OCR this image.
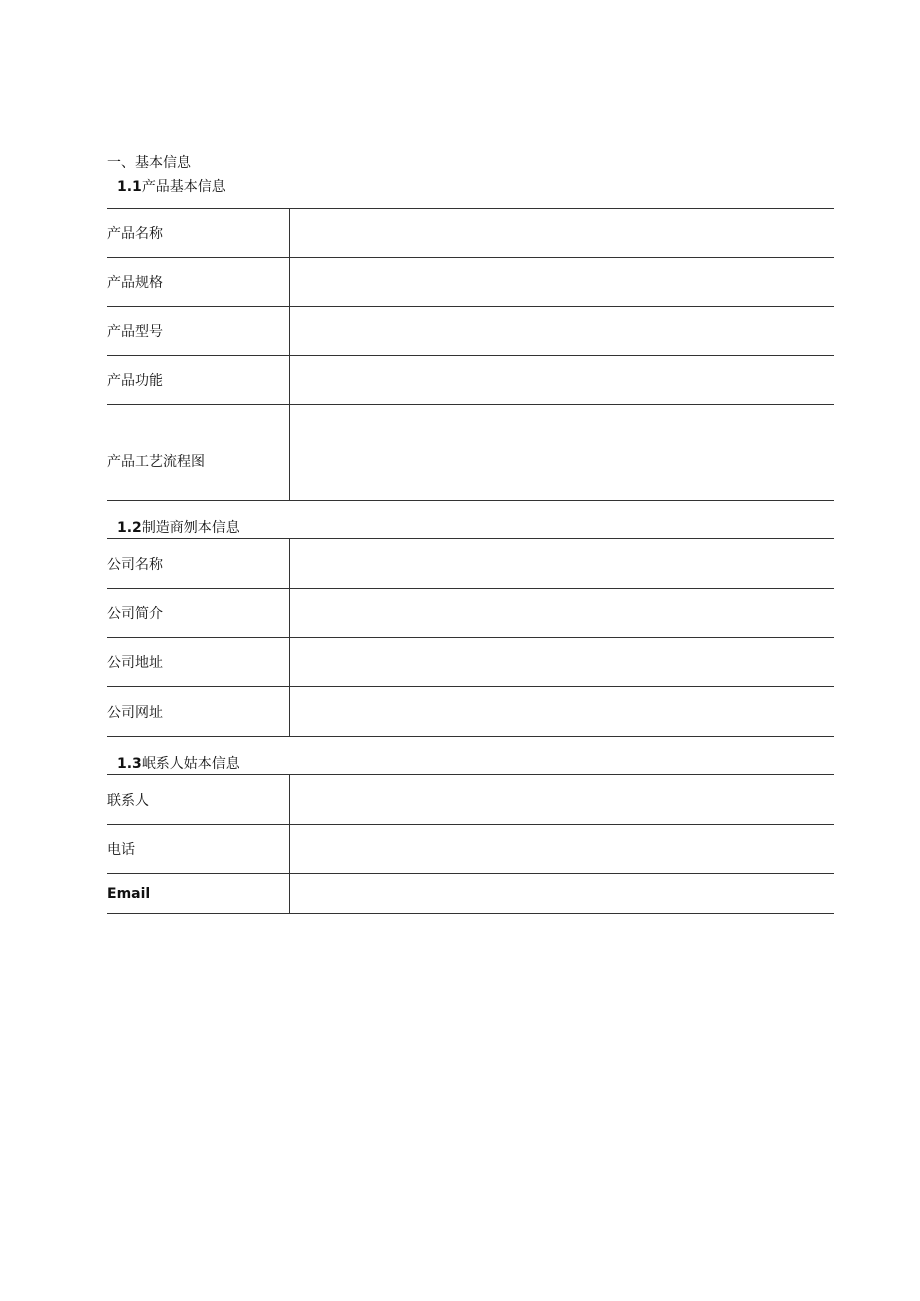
一、基本信息
1.1产品基本信息
产品名称	

产品规格	

产品型号	

产品功能	

产品工艺流程图	

1.2制造商刎本信息
公司名称	

公司简介	

公司地址	

公司网址	

1.3岷系人姑本信息
联系人	

电话	

Email	
